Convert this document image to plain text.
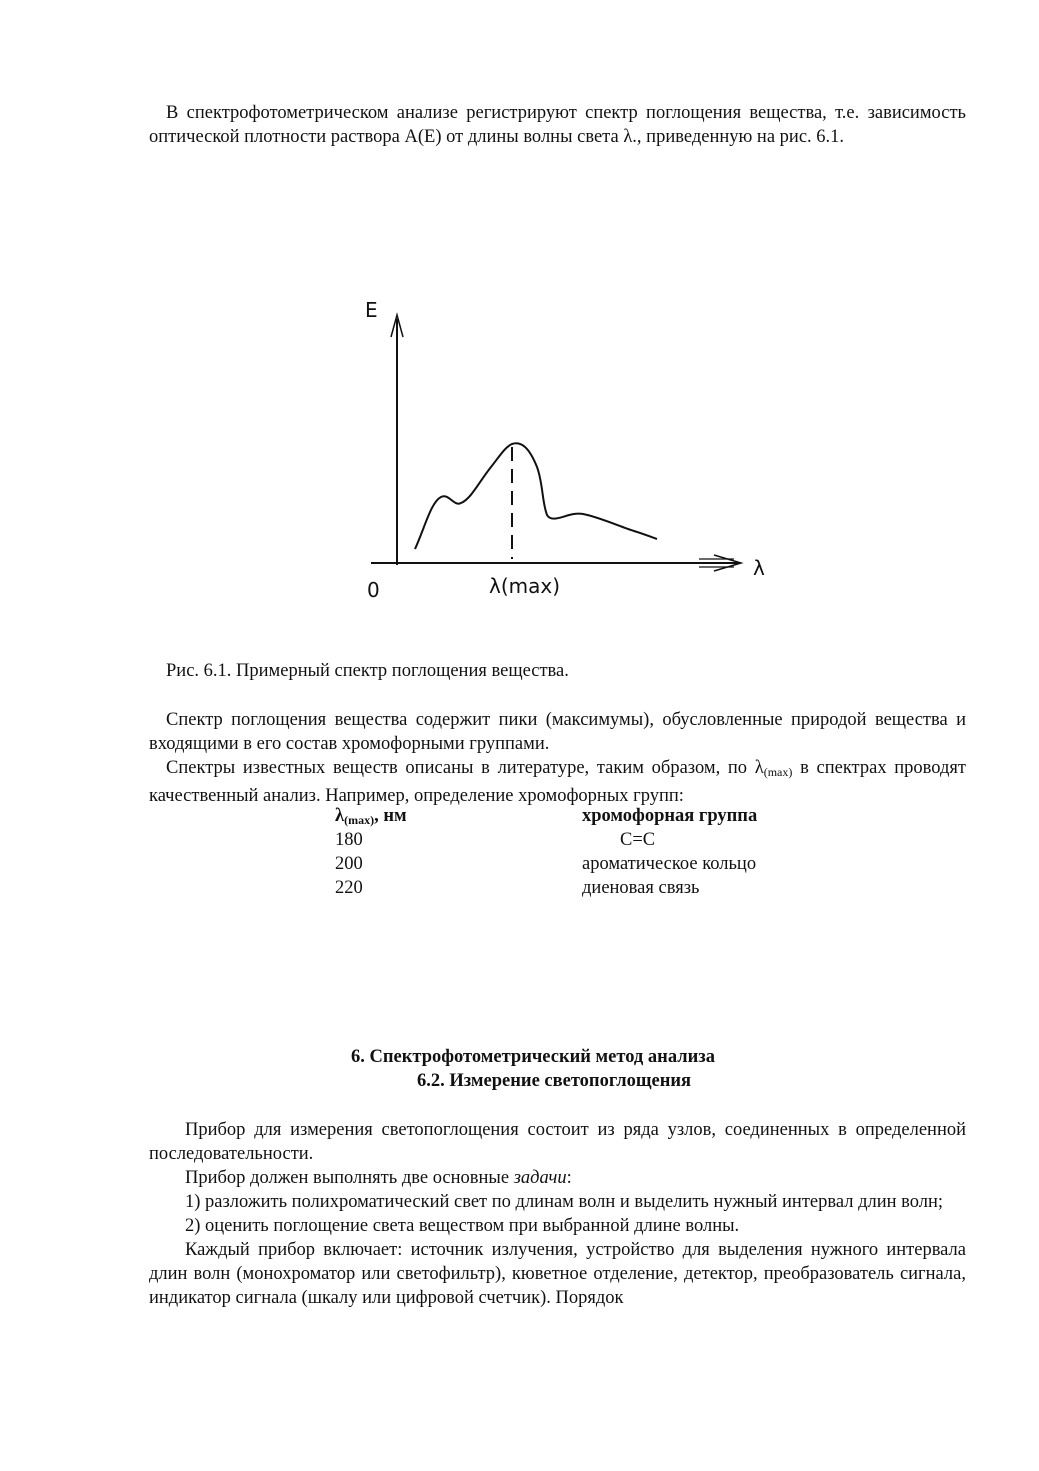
В спектрофотометрическом анализе регистрируют спектр поглощения вещества, т.е. зависимость оптической плотности раствора А(Е) от длины волны света λ., приведенную на рис. 6.1.

E
λ
0	λ(max)

Рис. 6.1. Примерный спектр поглощения вещества.

Спектр поглощения вещества содержит пики (максимумы), обусловленные природой вещества и входящими в его состав хромофорными группами.

Спектры известных веществ описаны в литературе, таким образом, по $\lambda_{(max)}$ в спектрах проводят качественный анализ. Например, определение хромофорных групп:

$\lambda_{(max)}$, нм	хромофорная группа
180	С=С
200	ароматическое кольцо
220	диеновая связь
6. Спектрофотометрический метод анализа
6.2. Измерение светопоглощения

Прибор для измерения светопоглощения состоит из ряда узлов, соединенных в определенной последовательности.

Прибор должен выполнять две основные задачи:

1) разложить полихроматический свет по длинам волн и выделить нужный интервал длин волн;

2) оценить поглощение света веществом при выбранной длине волны.

Каждый прибор включает: источник излучения, устройство для выделения нужного интервала длин волн (монохроматор или светофильтр), кюветное отделение, детектор, преобразователь сигнала, индикатор сигнала (шкалу или цифровой счетчик). Порядок
